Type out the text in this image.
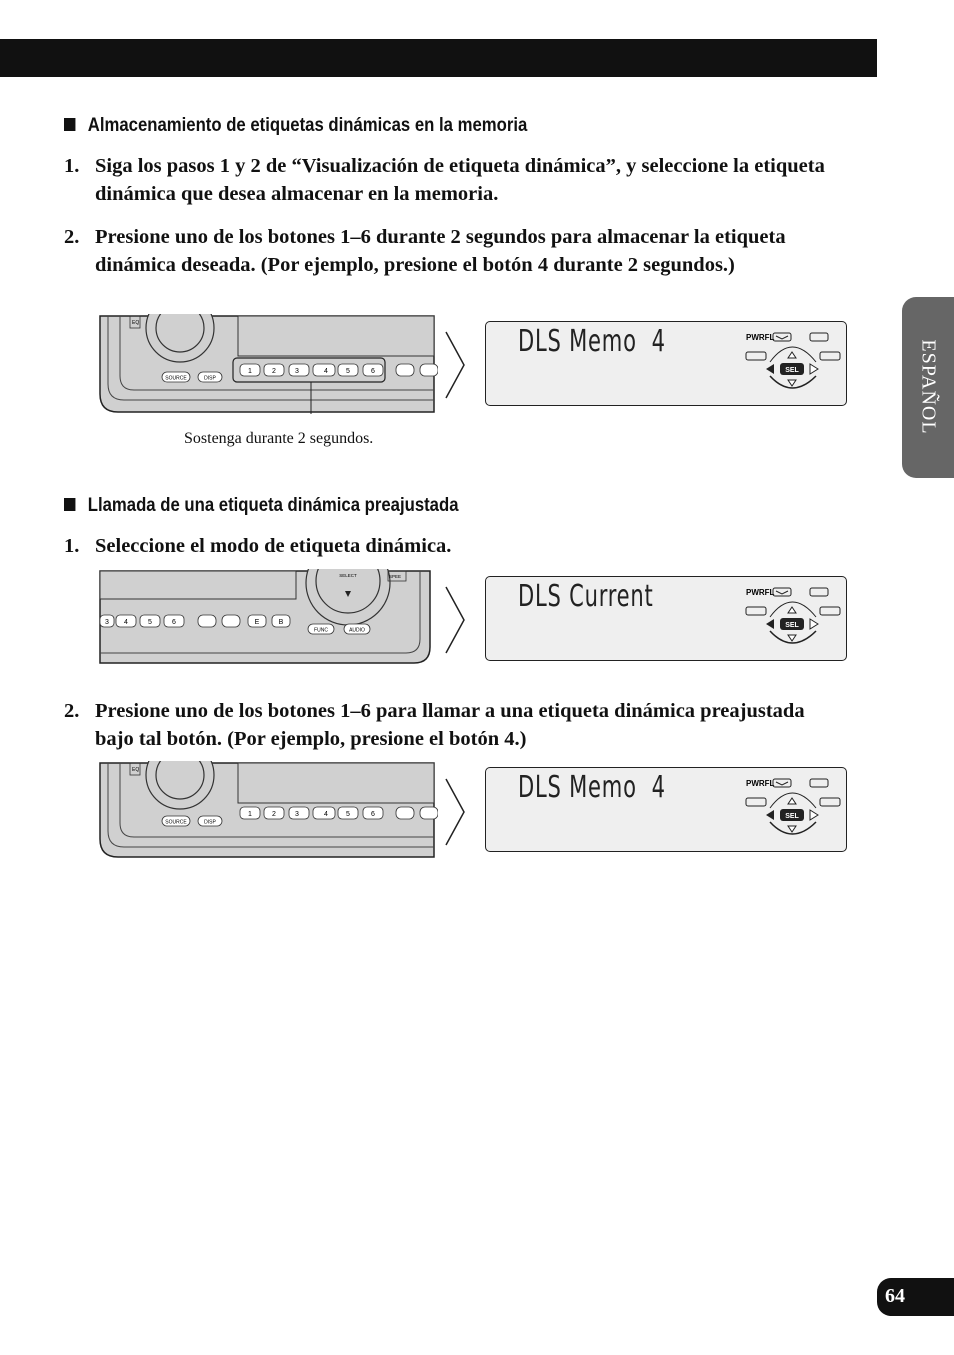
Almacenamiento de etiquetas dinámicas en la memoria
1. Siga los pasos 1 y 2 de “Visualización de etiqueta dinámica”, y seleccione la etiqueta dinámica que desea almacenar en la memoria.
2. Presione uno de los botones 1–6 durante 2 segundos para almacenar la etiqueta dinámica deseada. (Por ejemplo, presione el botón 4 durante 2 segundos.)
EQ
SOURCE	DISP
1	2	3	4	5	6
DLS Memo  4	PWRFL
SEL
Sostenga durante 2 segundos.
Llamada de una etiqueta dinámica preajustada
1. Seleccione el modo de etiqueta dinámica.
SELECT	SPEE
3 4	5	6	E	B
FUNC	AUDIO
DLS Current	PWRFL
SEL
2. Presione uno de los botones 1–6 para llamar a una etiqueta dinámica preajustada bajo tal botón. (Por ejemplo, presione el botón 4.)
EQ
SOURCE	DISP
1	2	3	4	5	6
DLS Memo  4	PWRFL
SEL
ESPAÑOL
64
